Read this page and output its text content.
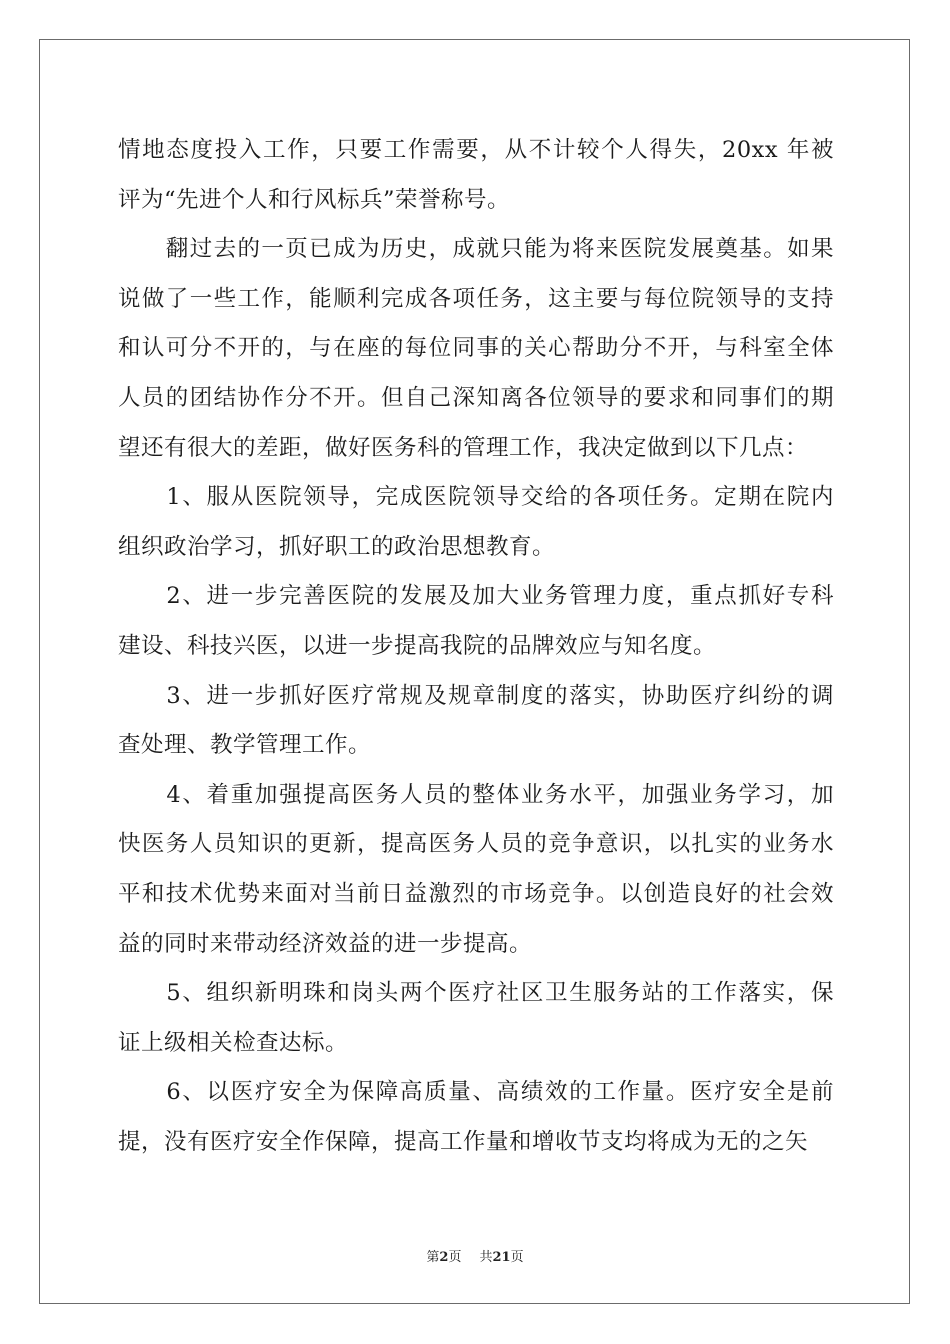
情地态度投入工作，只要工作需要，从不计较个人得失，20xx 年被
评为“先进个人和行风标兵”荣誉称号。
　　翻过去的一页已成为历史，成就只能为将来医院发展奠基。如果
说做了一些工作，能顺利完成各项任务，这主要与每位院领导的支持
和认可分不开的，与在座的每位同事的关心帮助分不开，与科室全体
人员的团结协作分不开。但自己深知离各位领导的要求和同事们的期
望还有很大的差距，做好医务科的管理工作，我决定做到以下几点：
　　1、服从医院领导，完成医院领导交给的各项任务。定期在院内
组织政治学习，抓好职工的政治思想教育。
　　2、进一步完善医院的发展及加大业务管理力度，重点抓好专科
建设、科技兴医，以进一步提高我院的品牌效应与知名度。
　　3、进一步抓好医疗常规及规章制度的落实，协助医疗纠纷的调
查处理、教学管理工作。
　　4、着重加强提高医务人员的整体业务水平，加强业务学习，加
快医务人员知识的更新，提高医务人员的竞争意识，以扎实的业务水
平和技术优势来面对当前日益激烈的市场竞争。以创造良好的社会效
益的同时来带动经济效益的进一步提高。
　　5、组织新明珠和岗头两个医疗社区卫生服务站的工作落实，保
证上级相关检查达标。
　　6、以医疗安全为保障高质量、高绩效的工作量。医疗安全是前
提，没有医疗安全作保障，提高工作量和增收节支均将成为无的之矢
第2页 共21页
